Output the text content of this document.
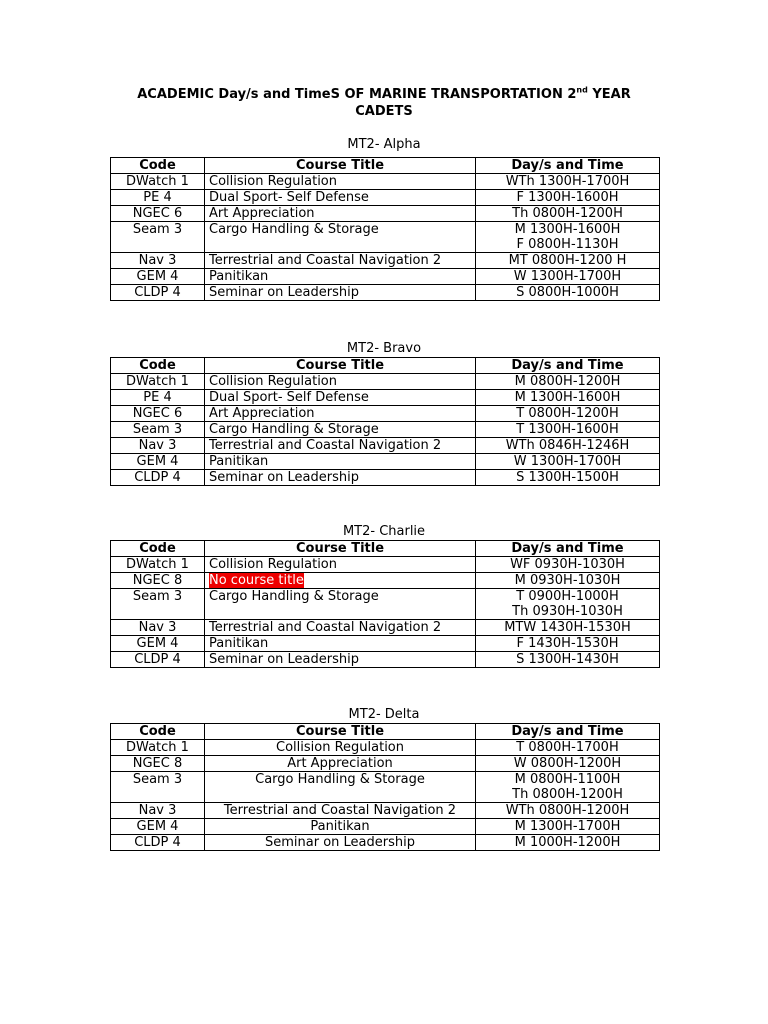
ACADEMIC Day/s and TimeS OF MARINE TRANSPORTATION 2nd YEAR
CADETS
MT2- Alpha
Code	Course Title	Day/s and Time
DWatch 1	Collision Regulation	WTh 1300H-1700H

PE 4	Dual Sport- Self Defense	F 1300H-1600H

NGEC 6	Art Appreciation	Th 0800H-1200H

Seam 3	Cargo Handling & Storage	M 1300H-1600H
F 0800H-1130H

Nav 3	Terrestrial and Coastal Navigation 2	MT 0800H-1200 H

GEM 4	Panitikan	W 1300H-1700H

CLDP 4	Seminar on Leadership	S 0800H-1000H
MT2- Bravo
Code	Course Title	Day/s and Time
DWatch 1	Collision Regulation	M 0800H-1200H

PE 4	Dual Sport- Self Defense	M 1300H-1600H

NGEC 6	Art Appreciation	T 0800H-1200H

Seam 3	Cargo Handling & Storage	T 1300H-1600H

Nav 3	Terrestrial and Coastal Navigation 2	WTh 0846H-1246H

GEM 4	Panitikan	W 1300H-1700H

CLDP 4	Seminar on Leadership	S 1300H-1500H
MT2- Charlie
Code	Course Title	Day/s and Time
DWatch 1	Collision Regulation	WF 0930H-1030H

NGEC 8	No course title	M 0930H-1030H

Seam 3	Cargo Handling & Storage	T 0900H-1000H
Th 0930H-1030H

Nav 3	Terrestrial and Coastal Navigation 2	MTW 1430H-1530H

GEM 4	Panitikan	F 1430H-1530H

CLDP 4	Seminar on Leadership	S 1300H-1430H
MT2- Delta
Code	Course Title	Day/s and Time
DWatch 1	Collision Regulation	T 0800H-1700H

NGEC 8	Art Appreciation	W 0800H-1200H

Seam 3	Cargo Handling & Storage	M 0800H-1100H
Th 0800H-1200H

Nav 3	Terrestrial and Coastal Navigation 2	WTh 0800H-1200H

GEM 4	Panitikan	M 1300H-1700H

CLDP 4	Seminar on Leadership	M 1000H-1200H
